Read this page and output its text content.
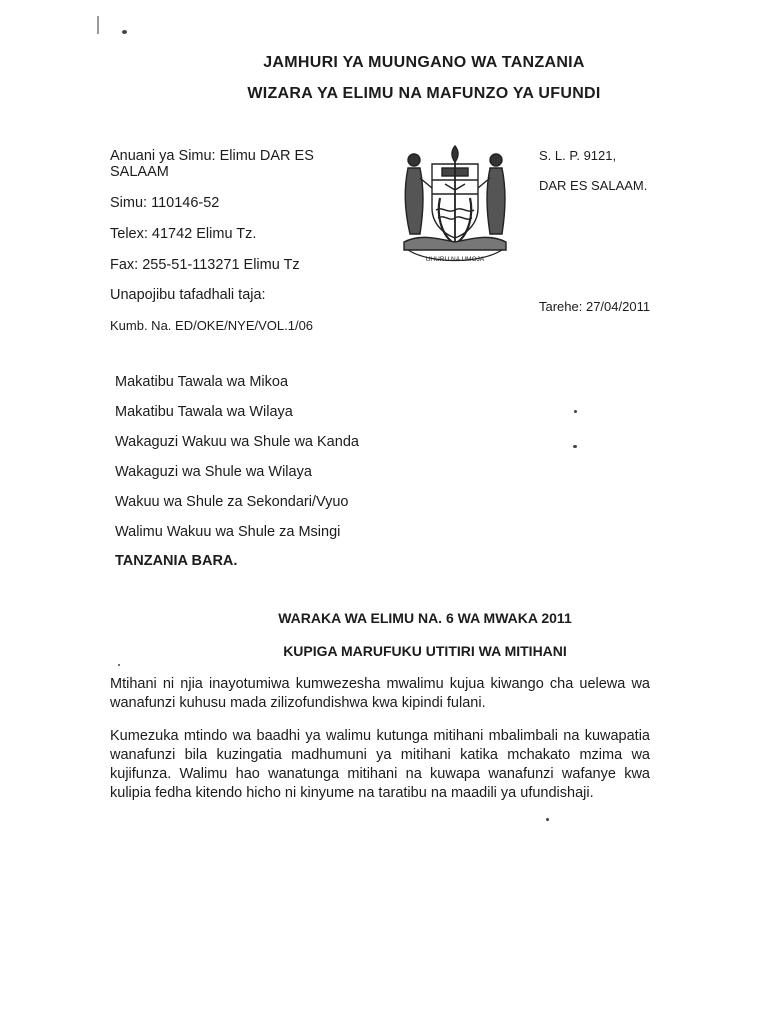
JAMHURI YA MUUNGANO WA TANZANIA
WIZARA YA ELIMU NA MAFUNZO YA UFUNDI
Anuani ya Simu: Elimu DAR ES
SALAAM
Simu: 110146-52
Telex: 41742 Elimu Tz.
Fax: 255-51-113271 Elimu Tz
Unapojibu tafadhali taja:
Kumb. Na. ED/OKE/NYE/VOL.1/06
UHURU NA UMOJA
S. L. P. 9121,
DAR ES SALAAM.
Tarehe: 27/04/2011
Makatibu Tawala wa Mikoa
Makatibu Tawala wa Wilaya
Wakaguzi Wakuu wa Shule wa Kanda
Wakaguzi wa Shule wa Wilaya
Wakuu wa Shule za Sekondari/Vyuo
Walimu Wakuu wa Shule za Msingi
TANZANIA BARA.
WARAKA WA ELIMU NA. 6 WA MWAKA 2011
KUPIGA MARUFUKU UTITIRI WA MITIHANI
Mtihani ni njia inayotumiwa kumwezesha mwalimu kujua kiwango cha uelewa wa wanafunzi kuhusu mada zilizofundishwa kwa kipindi fulani.
Kumezuka mtindo wa baadhi ya walimu kutunga mitihani mbalimbali na kuwapatia wanafunzi bila kuzingatia madhumuni ya mitihani katika mchakato mzima wa kujifunza. Walimu hao wanatunga mitihani na kuwapa wanafunzi wafanye kwa kulipia fedha kitendo hicho ni kinyume na taratibu na maadili ya ufundishaji.
